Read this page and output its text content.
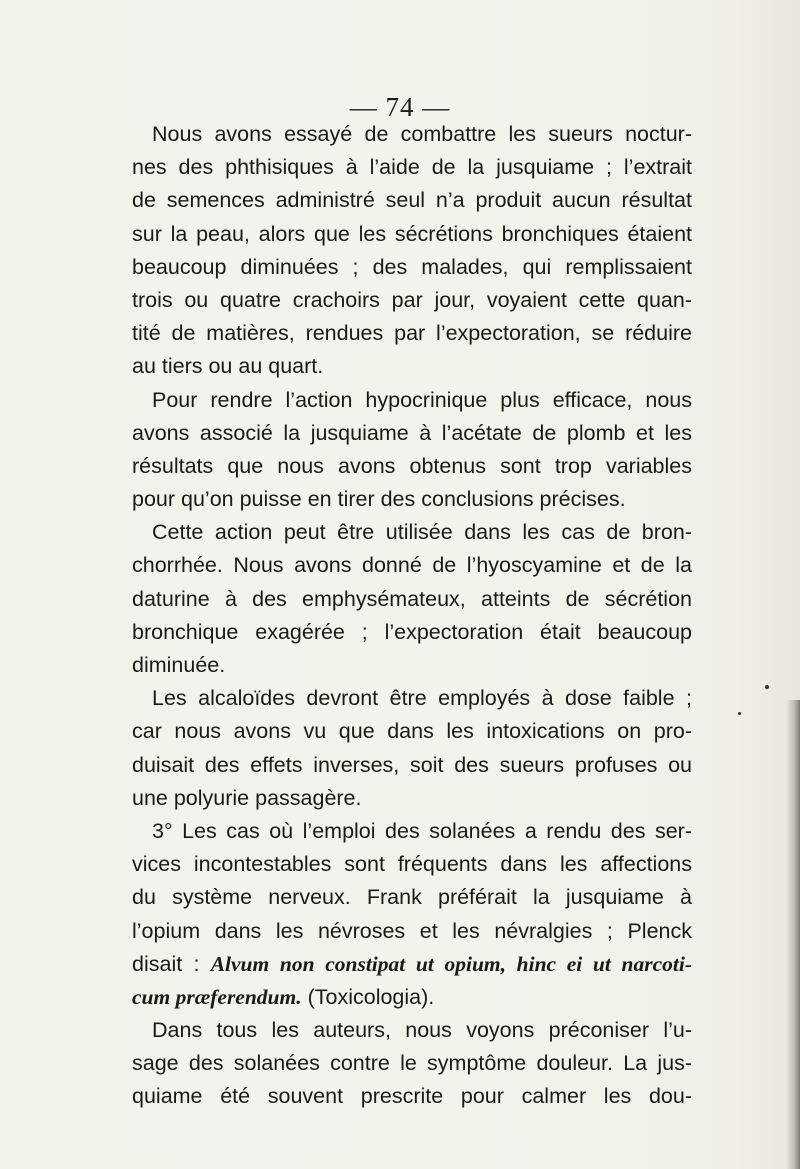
— 74 —
Nous avons essayé de combattre les sueurs noctur-
nes des phthisiques à l’aide de la jusquiame ; l’extrait
de semences administré seul n’a produit aucun résultat
sur la peau, alors que les sécrétions bronchiques étaient
beaucoup diminuées ; des malades, qui remplissaient
trois ou quatre crachoirs par jour, voyaient cette quan-
tité de matières, rendues par l’expectoration, se réduire
au tiers ou au quart.
Pour rendre l’action hypocrinique plus efficace, nous
avons associé la jusquiame à l’acétate de plomb et les
résultats que nous avons obtenus sont trop variables
pour qu’on puisse en tirer des conclusions précises.
Cette action peut être utilisée dans les cas de bron-
chorrhée. Nous avons donné de l’hyoscyamine et de la
daturine à des emphysémateux, atteints de sécrétion
bronchique exagérée ; l’expectoration était beaucoup
diminuée.
Les alcaloïdes devront être employés à dose faible ;
car nous avons vu que dans les intoxications on pro-
duisait des effets inverses, soit des sueurs profuses ou
une polyurie passagère.
3° Les cas où l’emploi des solanées a rendu des ser-
vices incontestables sont fréquents dans les affections
du système nerveux. Frank préférait la jusquiame à
l’opium dans les névroses et les névralgies ; Plenck
disait : Alvum non constipat ut opium, hinc ei ut narcoti-
cum præferendum. (Toxicologia).
Dans tous les auteurs, nous voyons préconiser l’u-
sage des solanées contre le symptôme douleur. La jus-
quiame été souvent prescrite pour calmer les dou-
